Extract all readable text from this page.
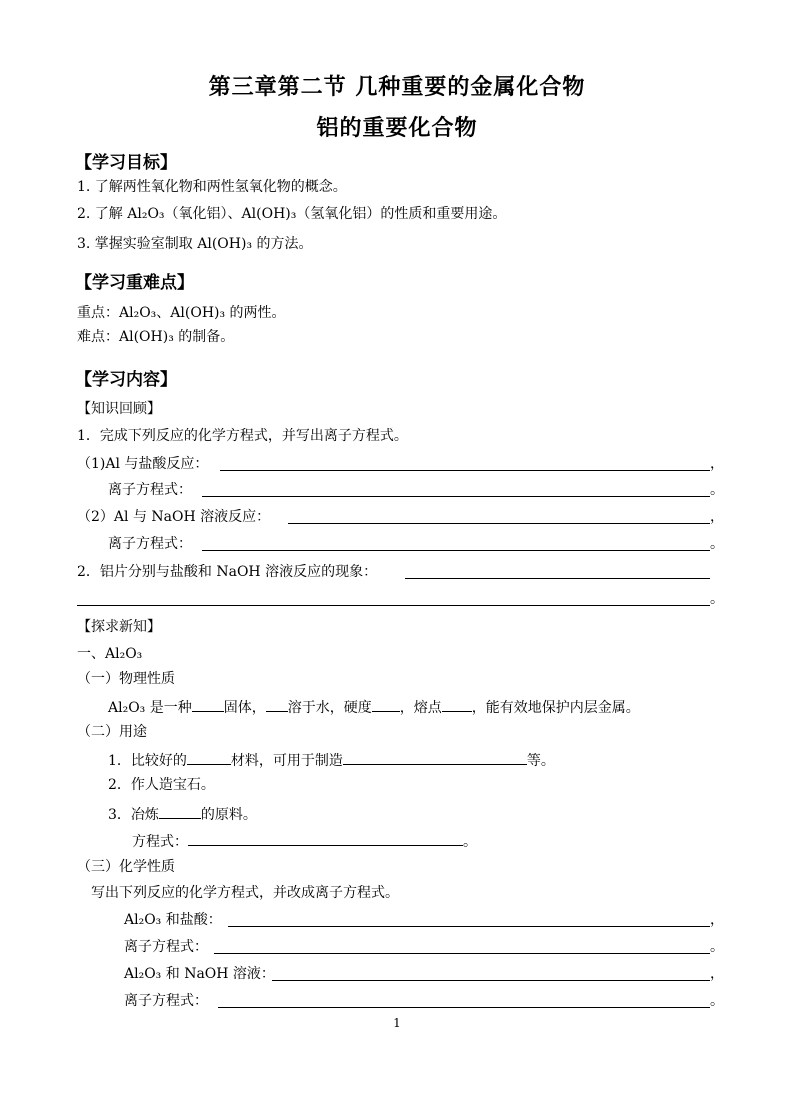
第三章第二节 几种重要的金属化合物
铝的重要化合物
【学习目标】
1. 了解两性氧化物和两性氢氧化物的概念。
2. 了解 Al₂O₃（氧化铝）、Al(OH)₃（氢氧化铝）的性质和重要用途。
3. 掌握实验室制取 Al(OH)₃ 的方法。
【学习重难点】
重点：Al₂O₃、Al(OH)₃ 的两性。
难点：Al(OH)₃ 的制备。
【学习内容】
【知识回顾】
1．完成下列反应的化学方程式，并写出离子方程式。
（1)Al 与盐酸反应：	，
离子方程式：	。
（2）Al 与 NaOH 溶液反应：	，
离子方程式：	。
2．铝片分别与盐酸和 NaOH 溶液反应的现象：
。
【探求新知】
一、Al₂O₃
（一）物理性质
Al₂O₃ 是一种 固体， 溶于水，硬度 ，熔点 ，能有效地保护内层金属。
（二）用途
1．比较好的	材料，可用于制造	等。
2．作人造宝石。
3．冶炼	的原料。
方程式：	。
（三）化学性质
写出下列反应的化学方程式，并改成离子方程式。
Al₂O₃ 和盐酸：	，
离子方程式：	。
Al₂O₃ 和 NaOH 溶液：	，
离子方程式：	。
1
